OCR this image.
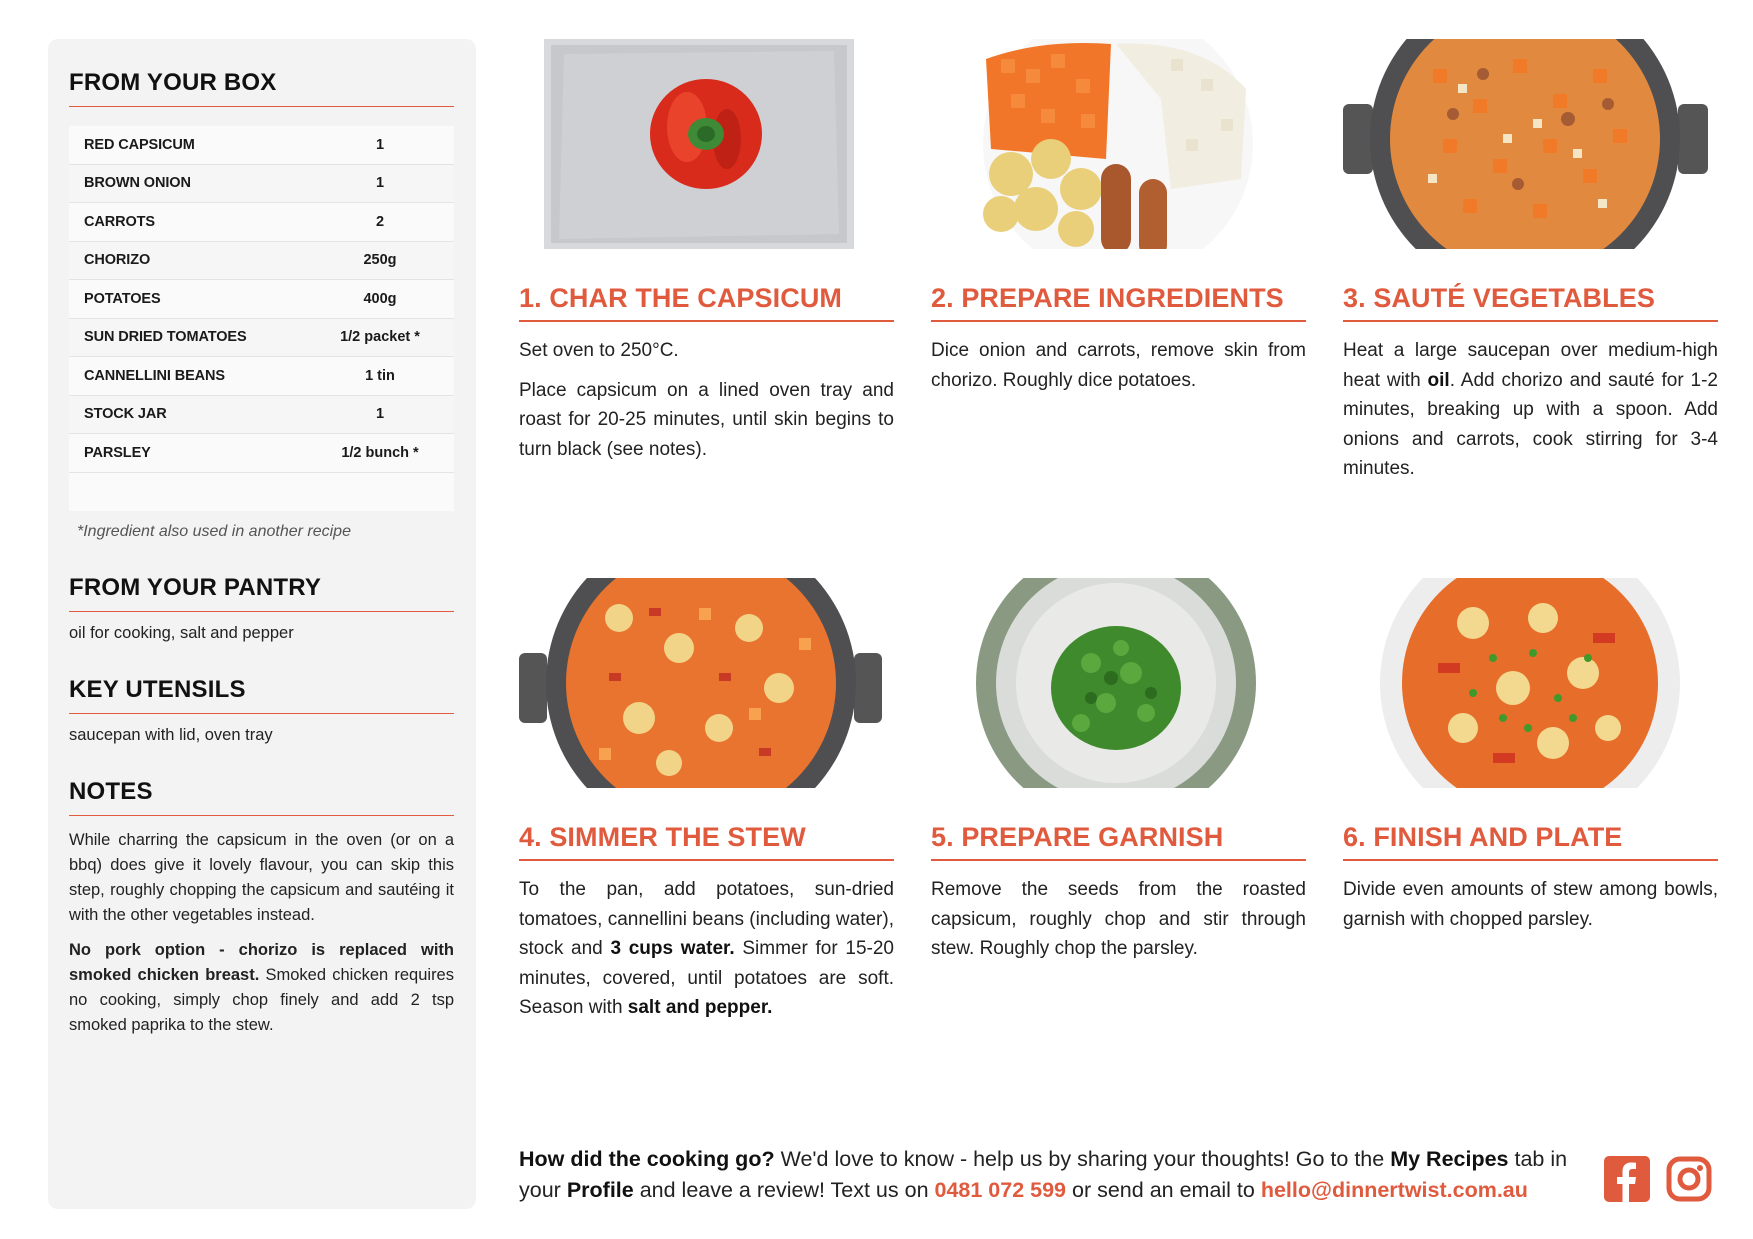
FROM YOUR BOX
RED CAPSICUM	1
BROWN ONION	1
CARROTS	2
CHORIZO	250g
POTATOES	400g
SUN DRIED TOMATOES	1/2 packet *
CANNELLINI BEANS	1 tin
STOCK JAR	1
PARSLEY	1/2 bunch *
*Ingredient also used in another recipe
FROM YOUR PANTRY
oil for cooking, salt and pepper
KEY UTENSILS
saucepan with lid, oven tray
NOTES

While charring the capsicum in the oven (or on a bbq) does give it lovely flavour, you can skip this step, roughly chopping the capsicum and sautéing it with the other vegetables instead.

No pork option - chorizo is replaced with smoked chicken breast. Smoked chicken requires no cooking, simply chop finely and add 2 tsp smoked paprika to the stew.

1. CHAR THE CAPSICUM

Set oven to 250°C.

Place capsicum on a lined oven tray and roast for 20-25 minutes, until skin begins to turn black (see notes).

2. PREPARE INGREDIENTS

Dice onion and carrots, remove skin from chorizo. Roughly dice potatoes.

3. SAUTÉ VEGETABLES

Heat a large saucepan over medium-high heat with oil. Add chorizo and sauté for 1-2 minutes, breaking up with a spoon. Add onions and carrots, cook stirring for 3-4 minutes.

4. SIMMER THE STEW

To the pan, add potatoes, sun-dried tomatoes, cannellini beans (including water), stock and 3 cups water. Simmer for 15-20 minutes, covered, until potatoes are soft. Season with salt and pepper.

5. PREPARE GARNISH

Remove the seeds from the roasted capsicum, roughly chop and stir through stew. Roughly chop the parsley.

6. FINISH AND PLATE

Divide even amounts of stew among bowls, garnish with chopped parsley.

How did the cooking go? We'd love to know - help us by sharing your thoughts! Go to the My Recipes tab in your Profile and leave a review! Text us on 0481 072 599 or send an email to hello@dinnertwist.com.au
